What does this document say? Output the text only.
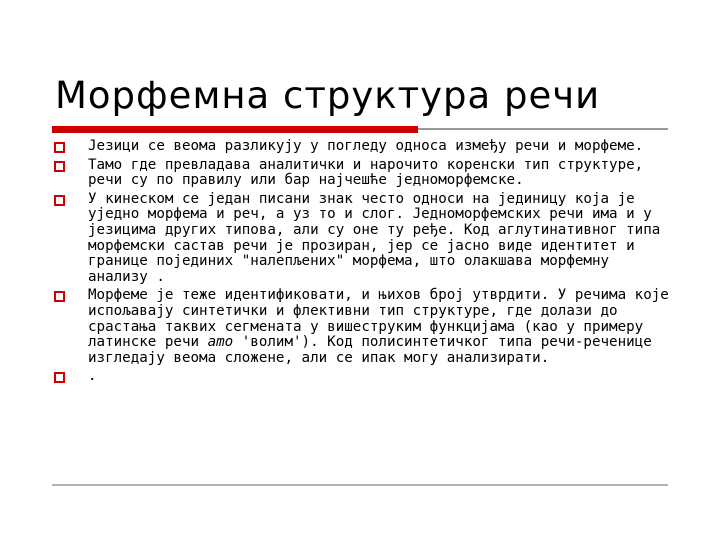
Морфемна структура речи
Језици се веома разликују у погледу односа између речи и морфеме.
Тамо где превладава аналитички и нарочито коренски тип структуре, речи су по правилу или бар најчешће једноморфемске.
У кинеском се један писани знак често односи на јединицу која је уједно морфема и реч, а уз то и слог. Једноморфемских речи има и у језицима других типова, али су оне ту ређе. Код аглутинативног типа морфемски састав речи је прозиран, јер се јасно виде идентитет и границе појединих "налепљених" морфема, што олакшава морфемну анализу .
Морфеме је теже идентификовати, и њихов број утврдити. У речима које испољавају синтетички и флективни тип структуре, где долази до срастања таквих сегмената у вишеструким функцијама (као у примеру латинске речи amo 'волим'). Код полисинтетичког типа речи-реченице изгледају веома сложене, али се ипак могу анализирати.
.
